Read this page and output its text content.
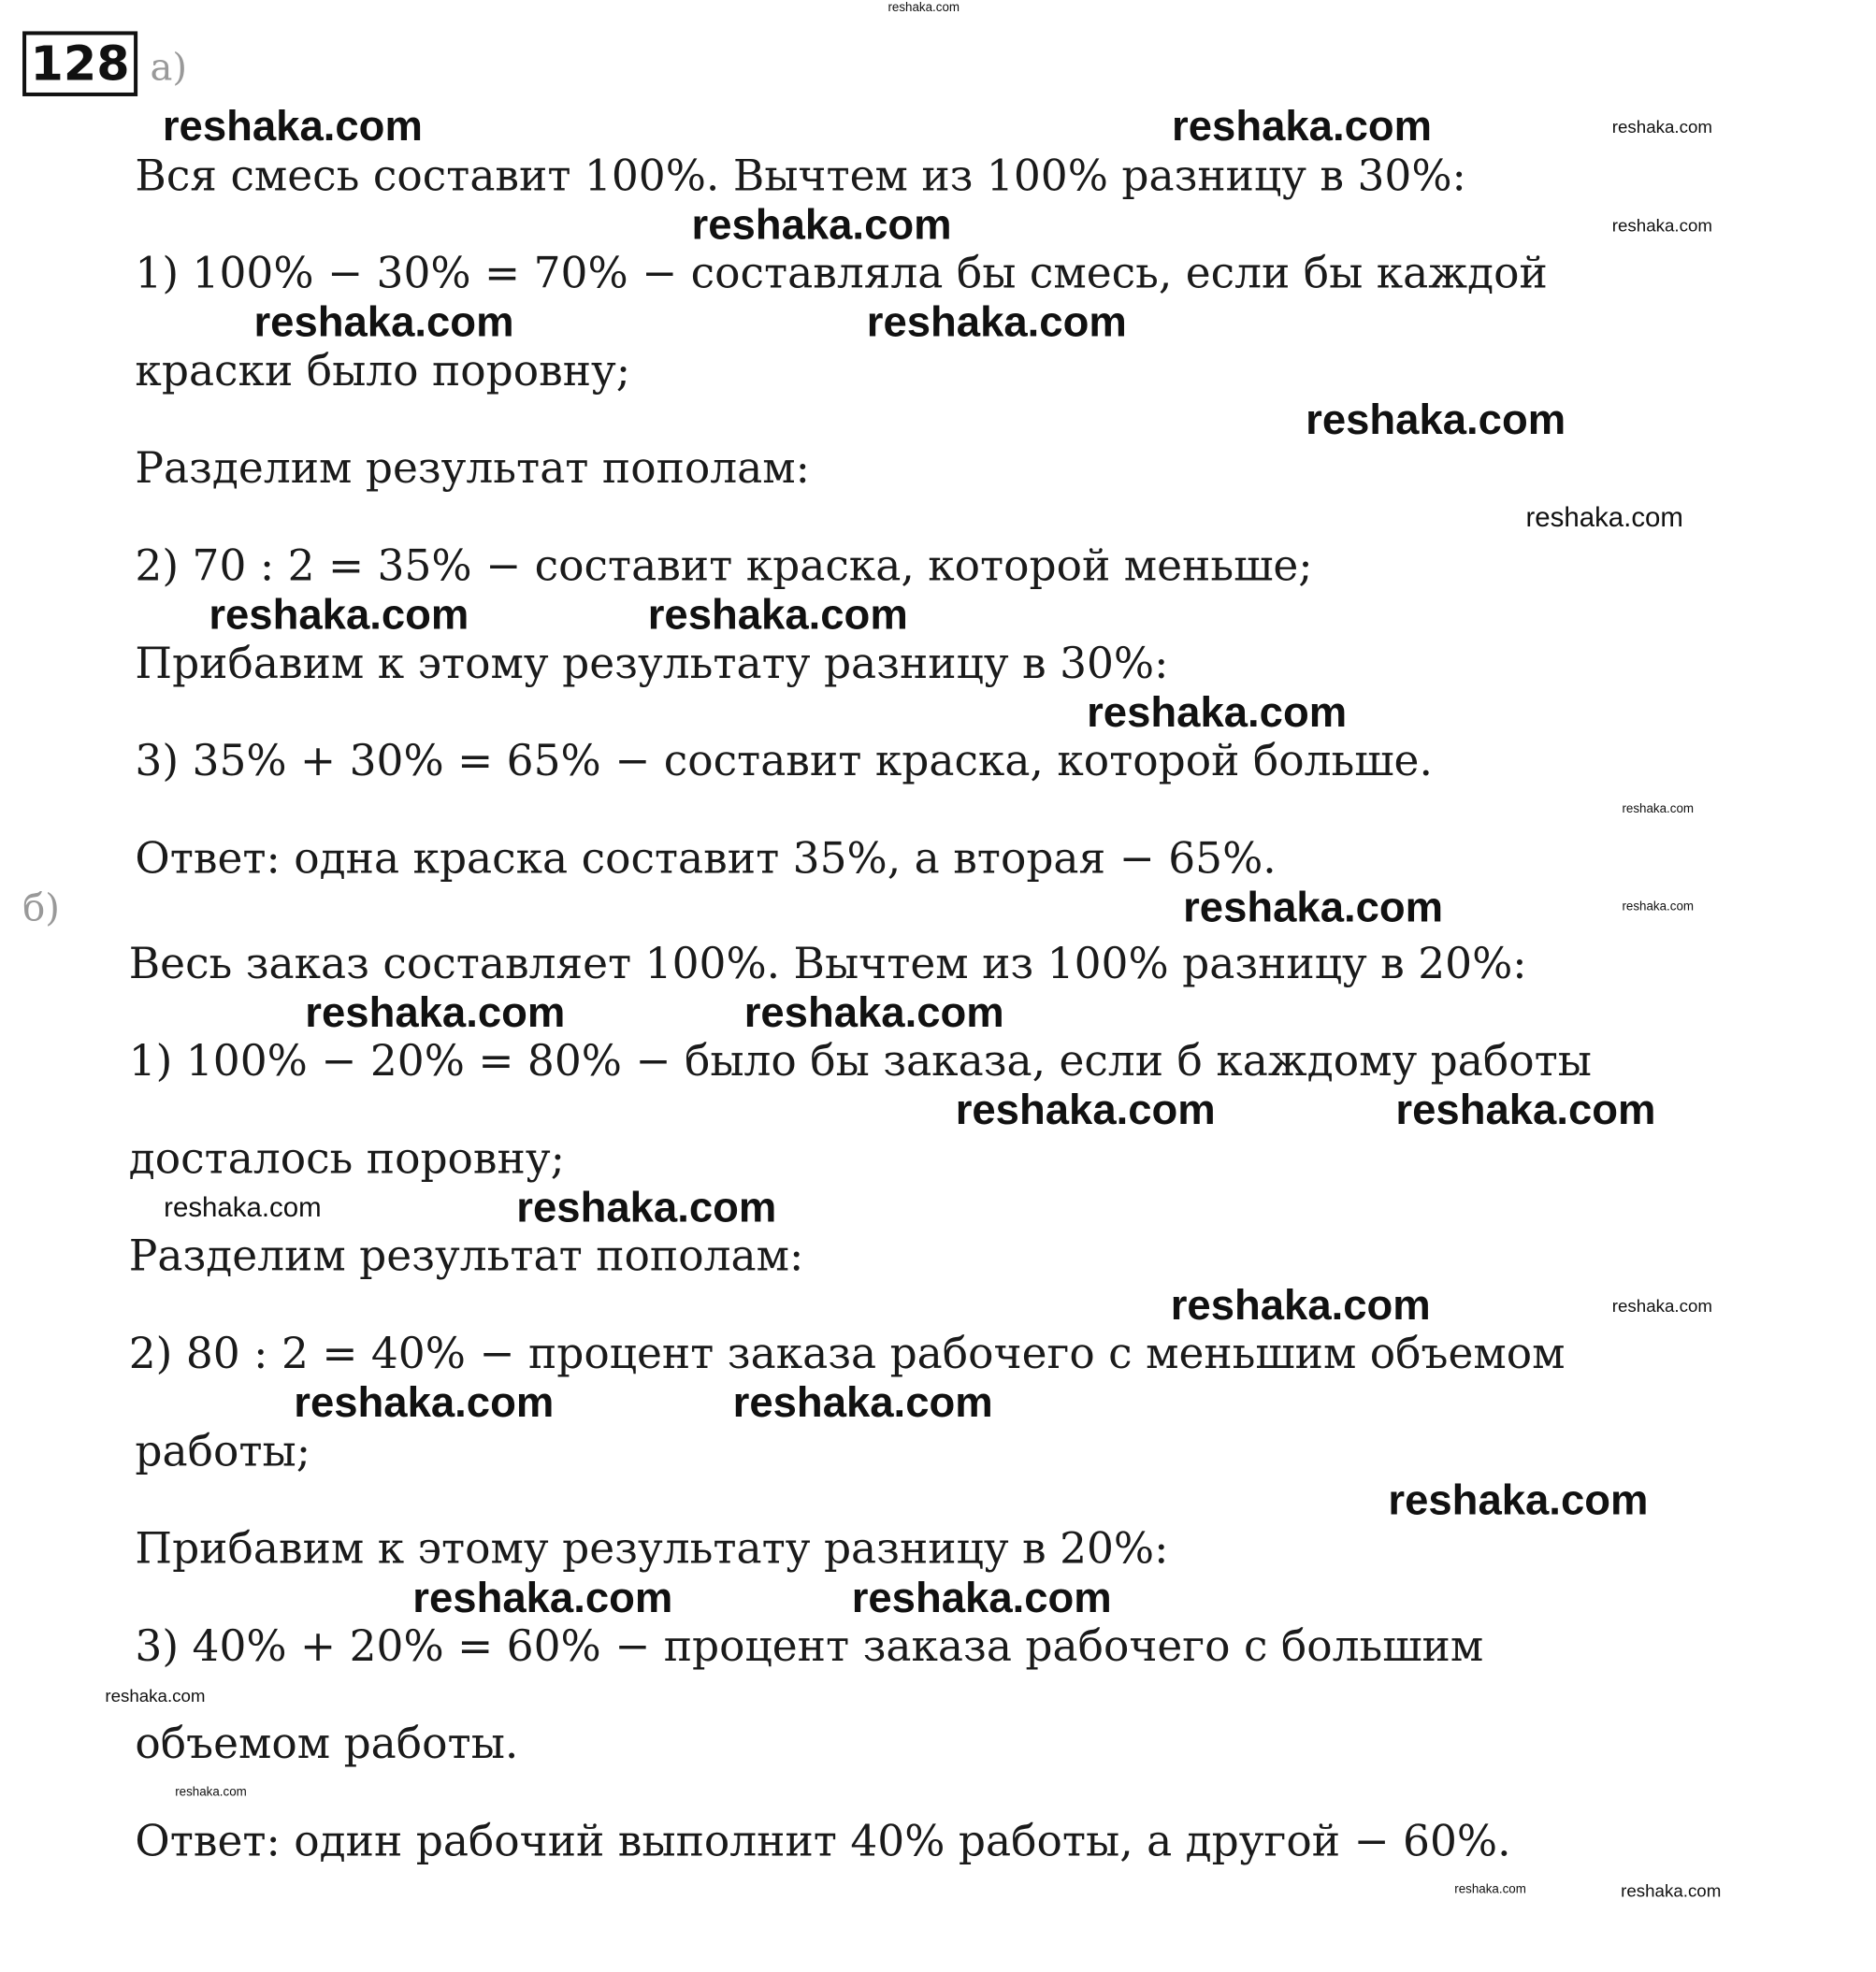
128 а)
Вся смесь составит 100%. Вычтем из 100% разницу в 30%:
1) 100% − 30% = 70% − составляла бы смесь, если бы каждой
краски было поровну;
Разделим результат пополам:
2) 70 : 2 = 35% − составит краска, которой меньше;
Прибавим к этому результату разницу в 30%:
3) 35% + 30% = 65% − составит краска, которой больше.
Ответ: одна краска составит 35%, а вторая − 65%.
б)
Весь заказ составляет 100%. Вычтем из 100% разницу в 20%:
1) 100% − 20% = 80% − было бы заказа, если б каждому работы
досталось поровну;
Разделим результат пополам:
2) 80 : 2 = 40% − процент заказа рабочего с меньшим объемом
работы;
Прибавим к этому результату разницу в 20%:
3) 40% + 20% = 60% − процент заказа рабочего с большим
объемом работы.
Ответ: один рабочий выполнит 40% работы, а другой − 60%.
reshaka.com
reshaka.com	reshaka.com	reshaka.com
reshaka.com	reshaka.com
reshaka.com	reshaka.com
reshaka.com
reshaka.com
reshaka.com	reshaka.com
reshaka.com
reshaka.com
reshaka.com	reshaka.com
reshaka.com	reshaka.com
reshaka.com	reshaka.com
reshaka.com	reshaka.com
reshaka.com	reshaka.com
reshaka.com	reshaka.com
reshaka.com
reshaka.com	reshaka.com
reshaka.com
reshaka.com
reshaka.com	reshaka.com
